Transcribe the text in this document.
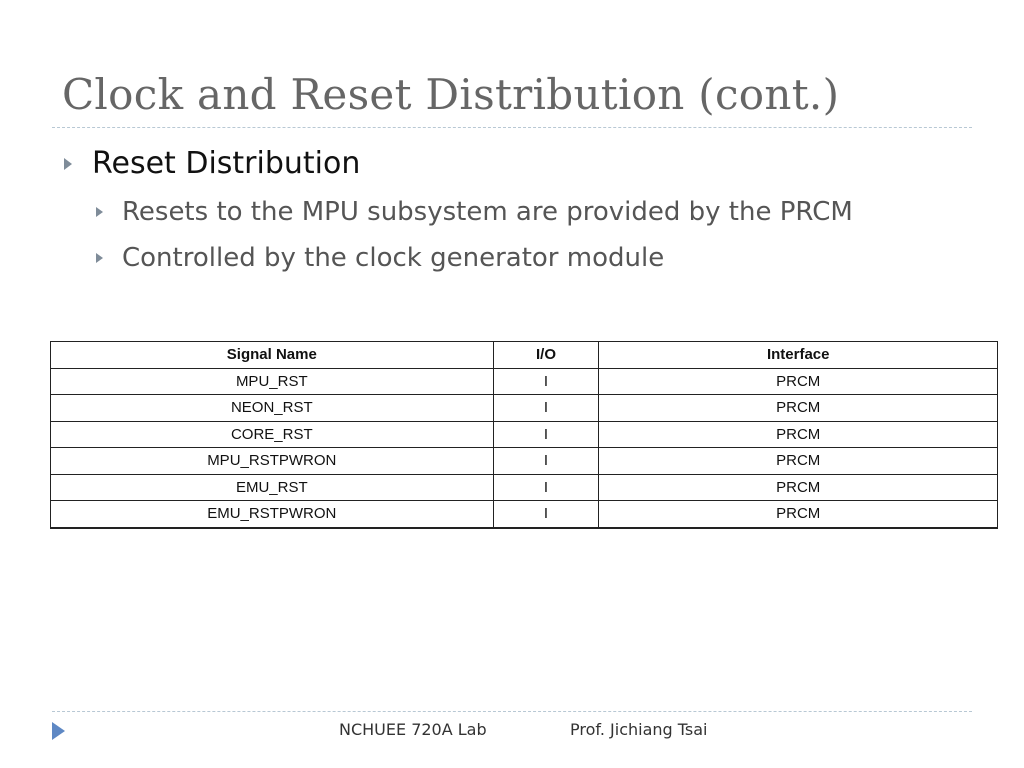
Clock and Reset Distribution (cont.)
Reset Distribution
Resets to the MPU subsystem are provided by the PRCM
Controlled by the clock generator module
Signal Name	I/O	Interface
MPU_RST	I	PRCM
NEON_RST	I	PRCM
CORE_RST	I	PRCM
MPU_RSTPWRON	I	PRCM
EMU_RST	I	PRCM
EMU_RSTPWRON	I	PRCM
NCHUEE 720A Lab	Prof. Jichiang Tsai
